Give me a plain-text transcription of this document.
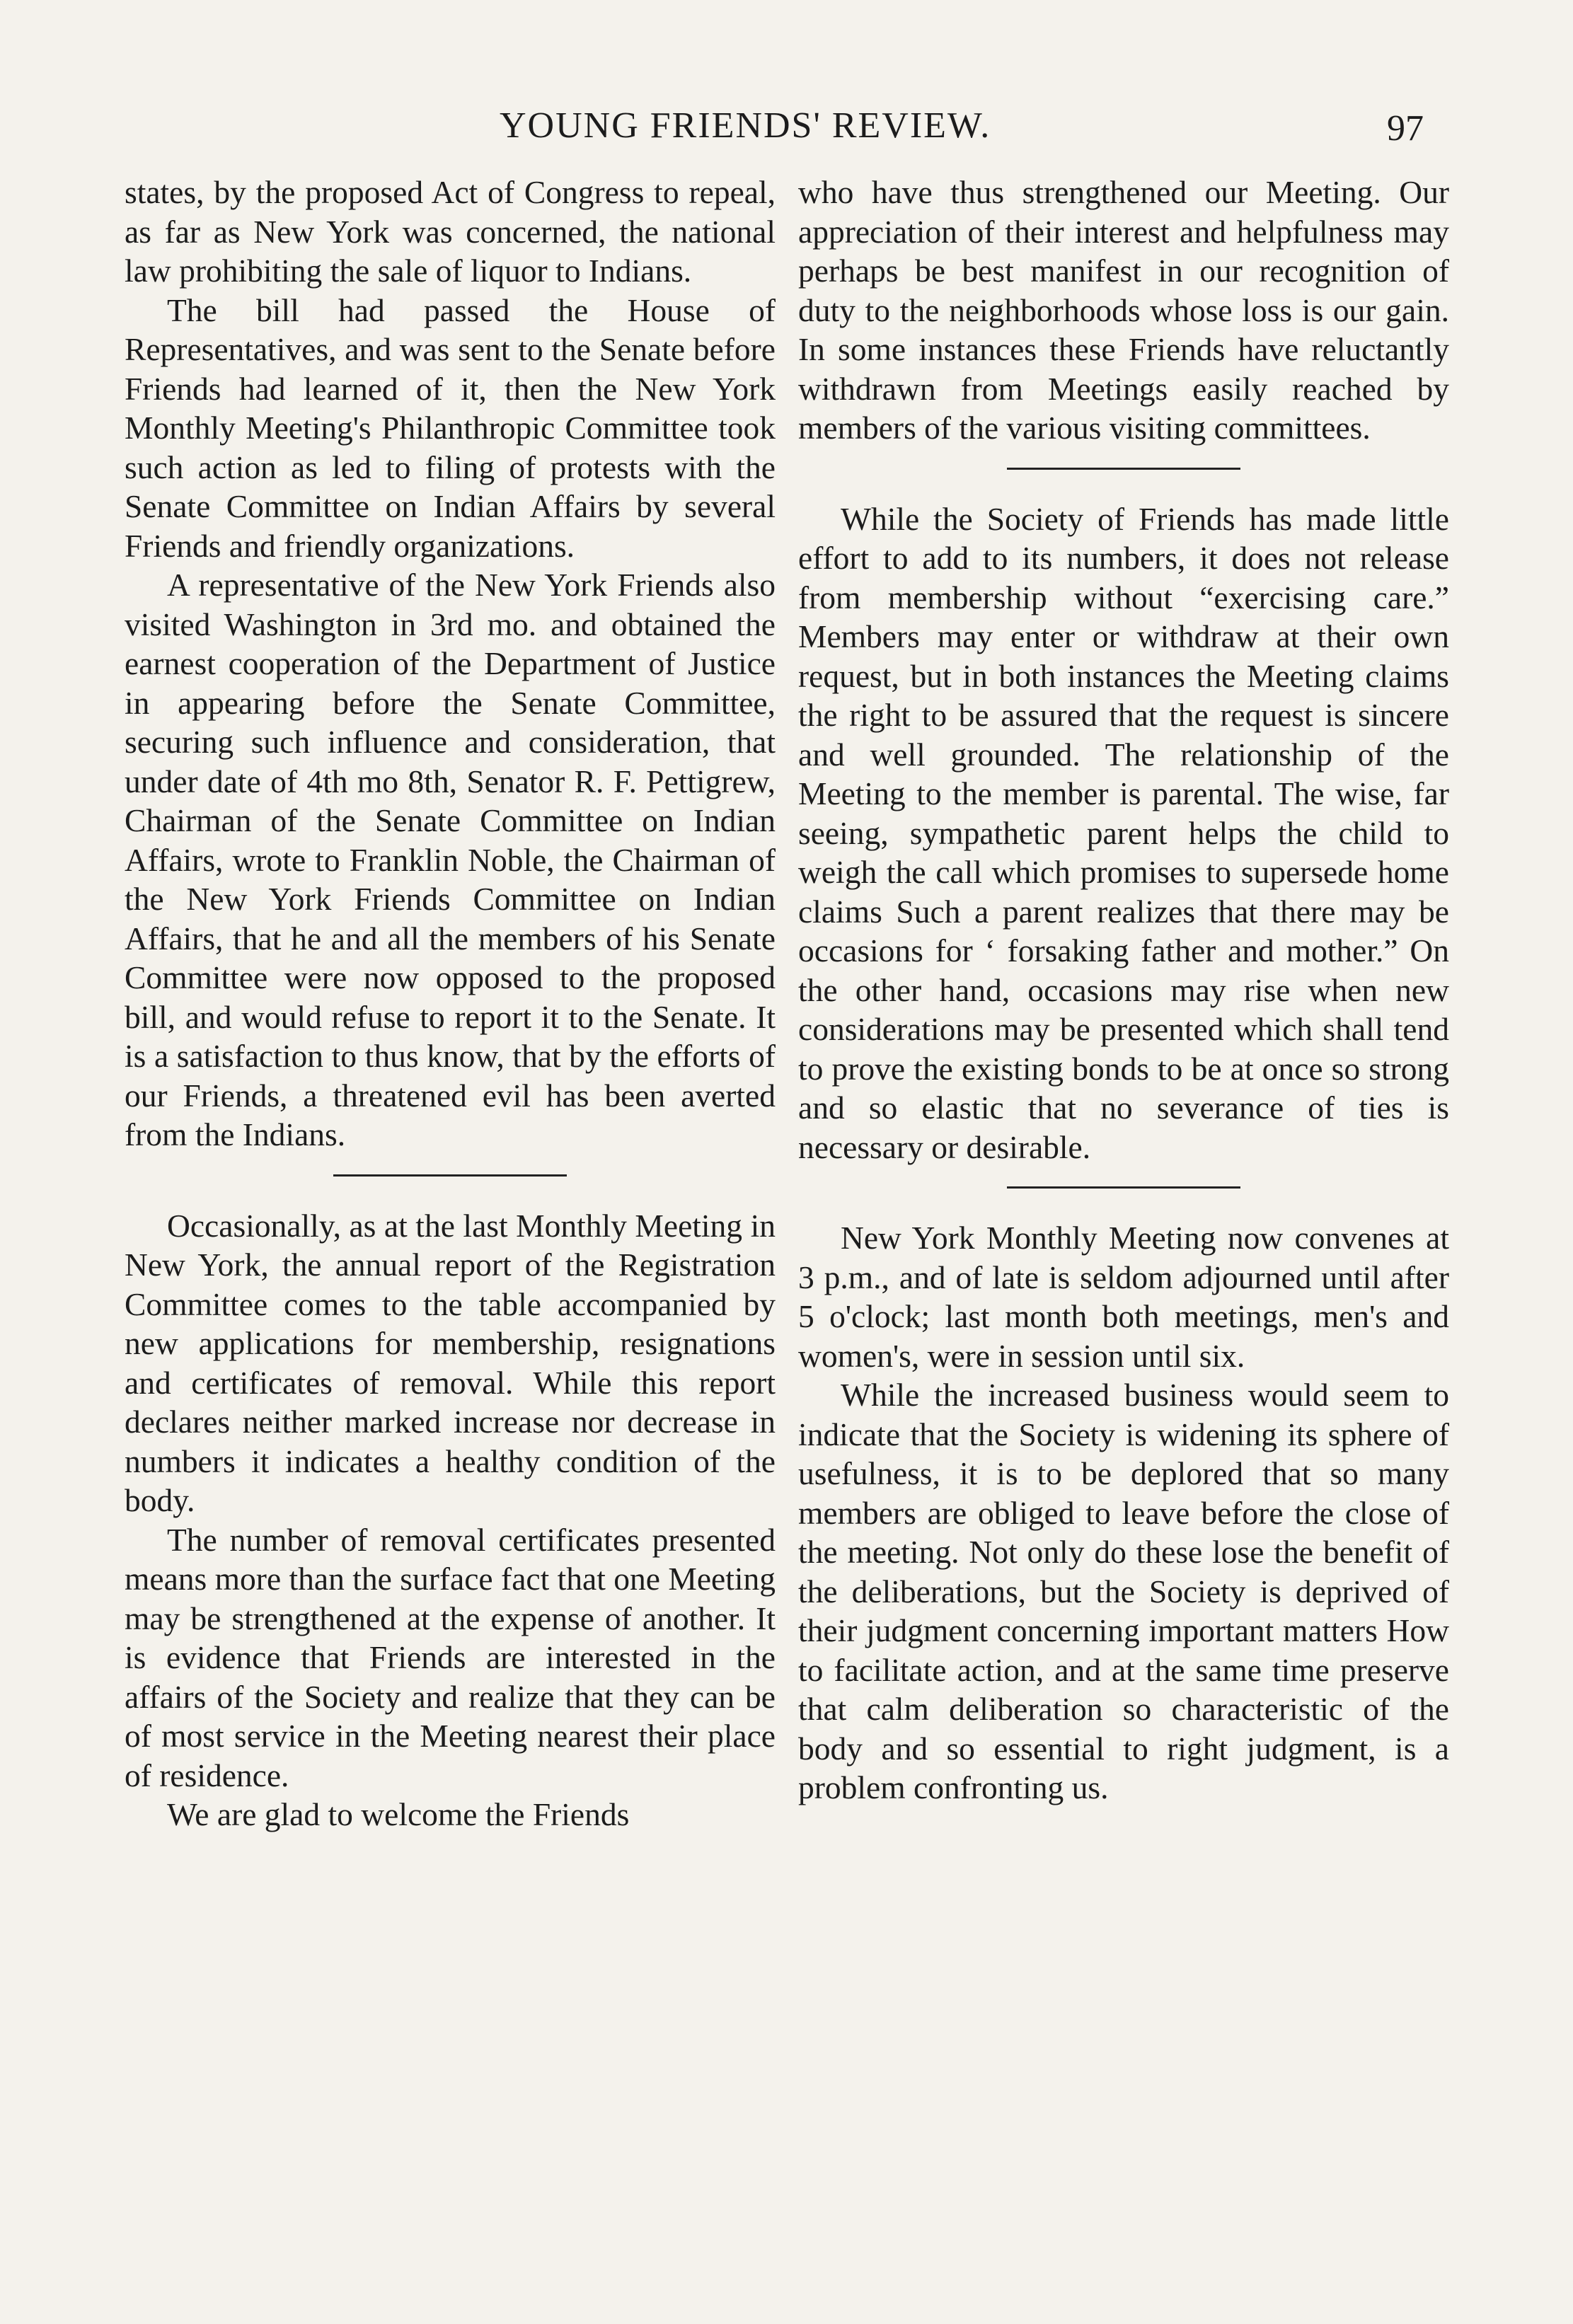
YOUNG FRIENDS' REVIEW.	97

states, by the proposed Act of Congress to repeal, as far as New York was concerned, the national law prohibiting the sale of liquor to Indians.

The bill had passed the House of Representatives, and was sent to the Senate before Friends had learned of it, then the New York Monthly Meeting's Philanthropic Committee took such action as led to filing of protests with the Senate Committee on Indian Affairs by several Friends and friendly organizations.

A representative of the New York Friends also visited Washington in 3rd mo. and obtained the earnest cooperation of the Department of Justice in appearing before the Senate Committee, securing such influence and consideration, that under date of 4th mo 8th, Senator R. F. Pettigrew, Chairman of the Senate Committee on Indian Affairs, wrote to Franklin Noble, the Chairman of the New York Friends Committee on Indian Affairs, that he and all the members of his Senate Committee were now opposed to the proposed bill, and would refuse to report it to the Senate. It is a satisfaction to thus know, that by the efforts of our Friends, a threatened evil has been averted from the Indians.

Occasionally, as at the last Monthly Meeting in New York, the annual report of the Registration Committee comes to the table accompanied by new applications for membership, resignations and certificates of removal. While this report declares neither marked increase nor decrease in numbers it indicates a healthy condition of the body.

The number of removal certificates presented means more than the surface fact that one Meeting may be strengthened at the expense of another. It is evidence that Friends are interested in the affairs of the Society and realize that they can be of most service in the Meeting nearest their place of residence.

We are glad to welcome the Friends

who have thus strengthened our Meeting. Our appreciation of their interest and helpfulness may perhaps be best manifest in our recognition of duty to the neighborhoods whose loss is our gain. In some instances these Friends have reluctantly withdrawn from Meetings easily reached by members of the various visiting committees.

While the Society of Friends has made little effort to add to its numbers, it does not release from membership without “exercising care.” Members may enter or withdraw at their own request, but in both instances the Meeting claims the right to be assured that the request is sincere and well grounded. The relationship of the Meeting to the member is parental. The wise, far seeing, sympathetic parent helps the child to weigh the call which promises to supersede home claims Such a parent realizes that there may be occasions for ‘ forsaking father and mother.” On the other hand, occasions may rise when new considerations may be presented which shall tend to prove the existing bonds to be at once so strong and so elastic that no severance of ties is necessary or desirable.

New York Monthly Meeting now convenes at 3 p.m., and of late is seldom adjourned until after 5 o'clock; last month both meetings, men's and women's, were in session until six.

While the increased business would seem to indicate that the Society is widening its sphere of usefulness, it is to be deplored that so many members are obliged to leave before the close of the meeting. Not only do these lose the benefit of the deliberations, but the Society is deprived of their judgment concerning important matters How to facilitate action, and at the same time preserve that calm deliberation so characteristic of the body and so essential to right judgment, is a problem confronting us.
